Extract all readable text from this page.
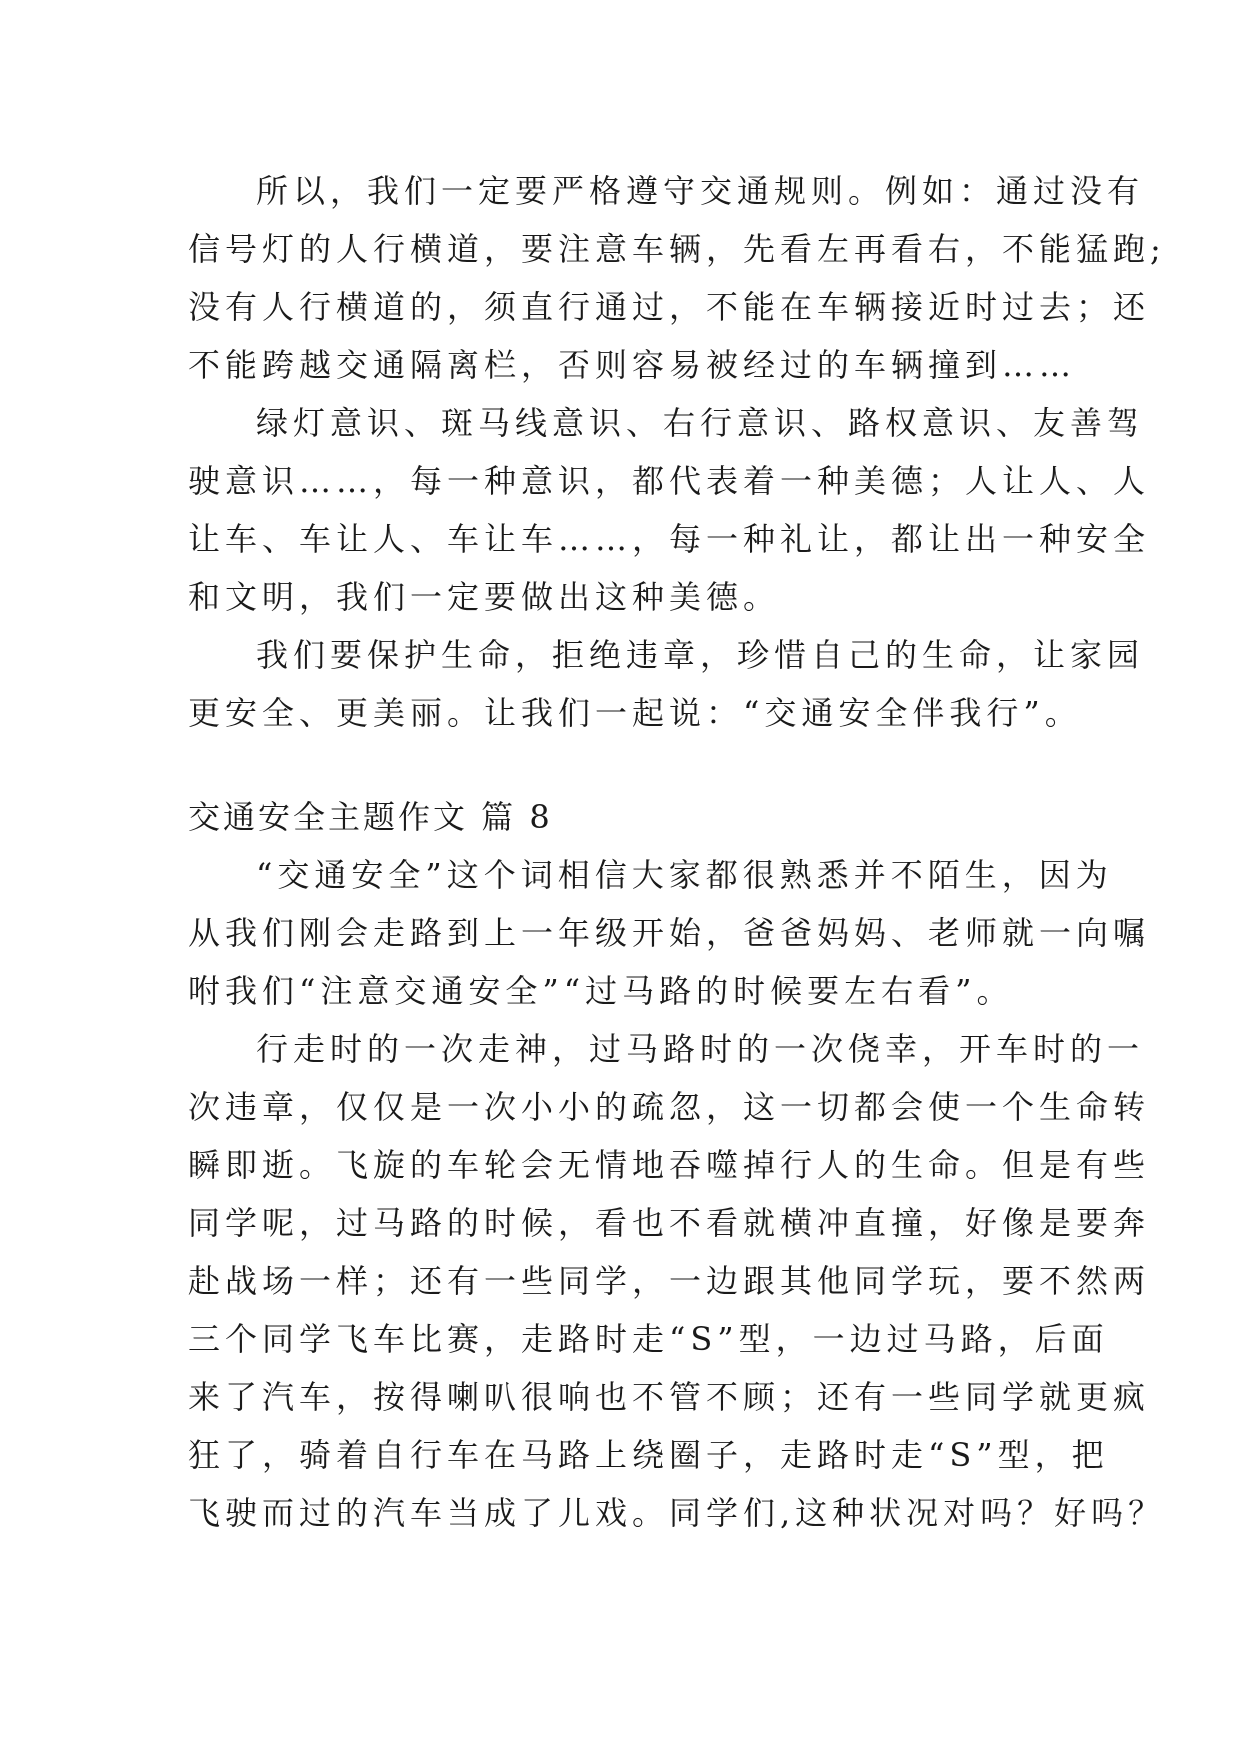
所以，我们一定要严格遵守交通规则。例如：通过没有
信号灯的人行横道，要注意车辆，先看左再看右，不能猛跑;
没有人行横道的，须直行通过，不能在车辆接近时过去；还
不能跨越交通隔离栏，否则容易被经过的车辆撞到……
绿灯意识、斑马线意识、右行意识、路权意识、友善驾
驶意识……，每一种意识，都代表着一种美德；人让人、人
让车、车让人、车让车……，每一种礼让，都让出一种安全
和文明，我们一定要做出这种美德。
我们要保护生命，拒绝违章，珍惜自己的生命，让家园
更安全、更美丽。让我们一起说：“交通安全伴我行”。
交通安全主题作文 篇 8
“交通安全”这个词相信大家都很熟悉并不陌生，因为
从我们刚会走路到上一年级开始，爸爸妈妈、老师就一向嘱
咐我们“注意交通安全”“过马路的时候要左右看”。
行走时的一次走神，过马路时的一次侥幸，开车时的一
次违章，仅仅是一次小小的疏忽，这一切都会使一个生命转
瞬即逝。飞旋的车轮会无情地吞噬掉行人的生命。但是有些
同学呢，过马路的时候，看也不看就横冲直撞，好像是要奔
赴战场一样；还有一些同学，一边跟其他同学玩，要不然两
三个同学飞车比赛，走路时走“S”型，一边过马路，后面
来了汽车，按得喇叭很响也不管不顾；还有一些同学就更疯
狂了，骑着自行车在马路上绕圈子，走路时走“S”型，把
飞驶而过的汽车当成了儿戏。同学们,这种状况对吗？好吗？
